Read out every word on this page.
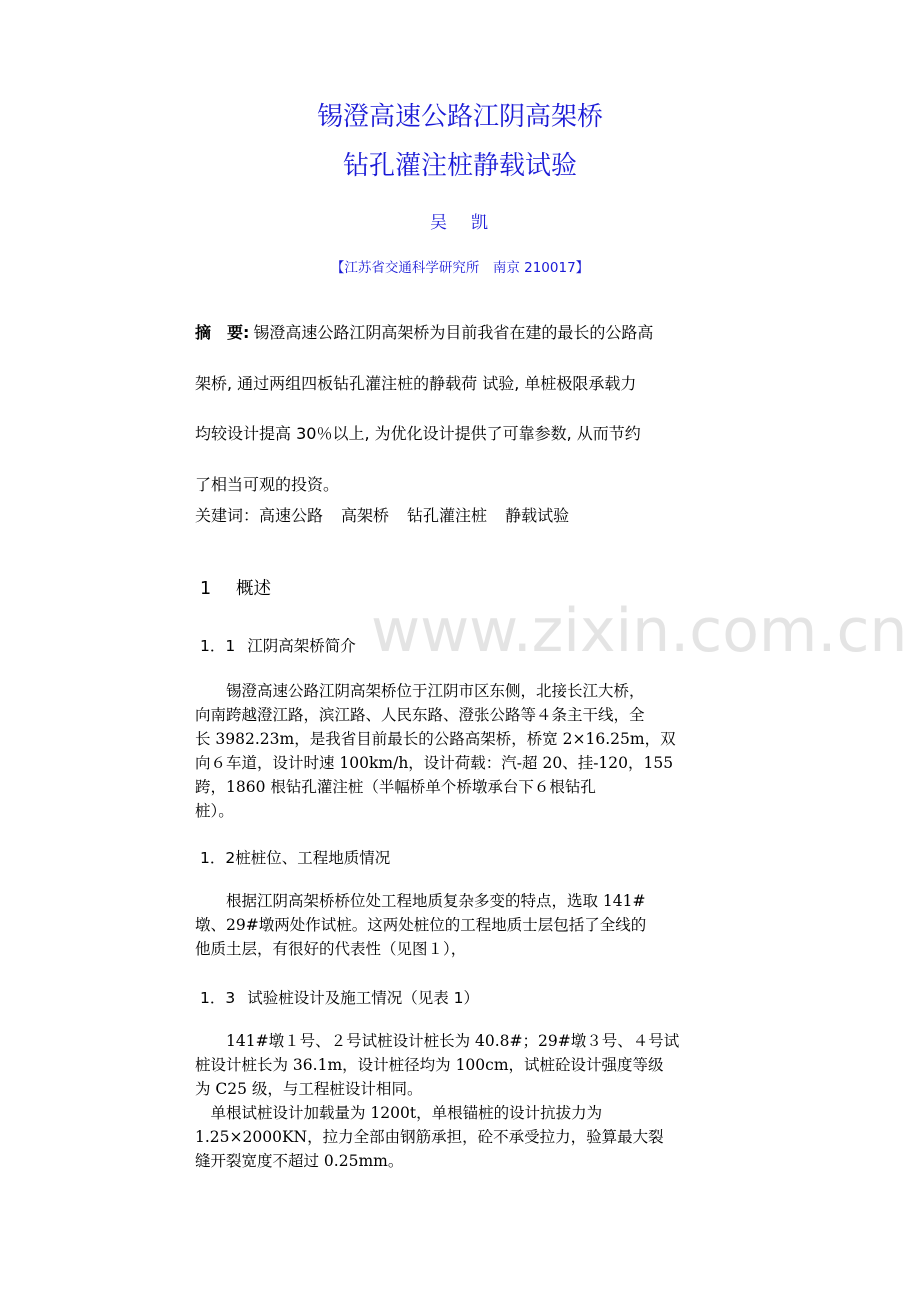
www.zixin.com.cn
锡澄高速公路江阴高架桥
钻孔灌注桩静载试验
吴 凯
【江苏省交通科学研究所　南京 210017】
摘　要: 锡澄高速公路江阴高架桥为目前我省在建的最长的公路高
架桥, 通过两组四板钻孔灌注桩的静载荷 试验, 单桩极限承载力
均较设计提高 30％以上, 为优化设计提供了可靠参数, 从而节约
了相当可观的投资。
关建词：高速公路 高架桥 钻孔灌注桩 静载试验
1 概述
1．1 江阴高架桥简介
锡澄高速公路江阴高架桥位于江阴市区东侧，北接长江大桥，
向南跨越澄江路，滨江路、人民东路、澄张公路等４条主干线，全
长 3982.23m，是我省目前最长的公路高架桥，桥宽 2×16.25m，双
向６车道，设计时速 100km/h，设计荷载：汽-超 20、挂-120，155
跨，1860 根钻孔灌注桩（半幅桥单个桥墩承台下６根钻孔
桩）。
1．2桩桩位、工程地质情况
根据江阴高架桥桥位处工程地质复杂多变的特点，选取 141#
墩、29#墩两处作试桩。这两处桩位的工程地质士层包括了全线的
他质土层，有很好的代表性（见图１），
1．3 试验桩设计及施工情况（见表 1）
141#墩１号、２号试桩设计桩长为 40.8#；29#墩３号、４号试
桩设计桩长为 36.1m，设计桩径均为 100cm，试桩砼设计强度等级
为 C25 级，与工程桩设计相同。
单根试桩设计加载量为 1200t，单根锚桩的设计抗拔力为
1.25×2000KN，拉力全部由钢筋承担，砼不承受拉力，验算最大裂
缝开裂宽度不超过 0.25mm。
